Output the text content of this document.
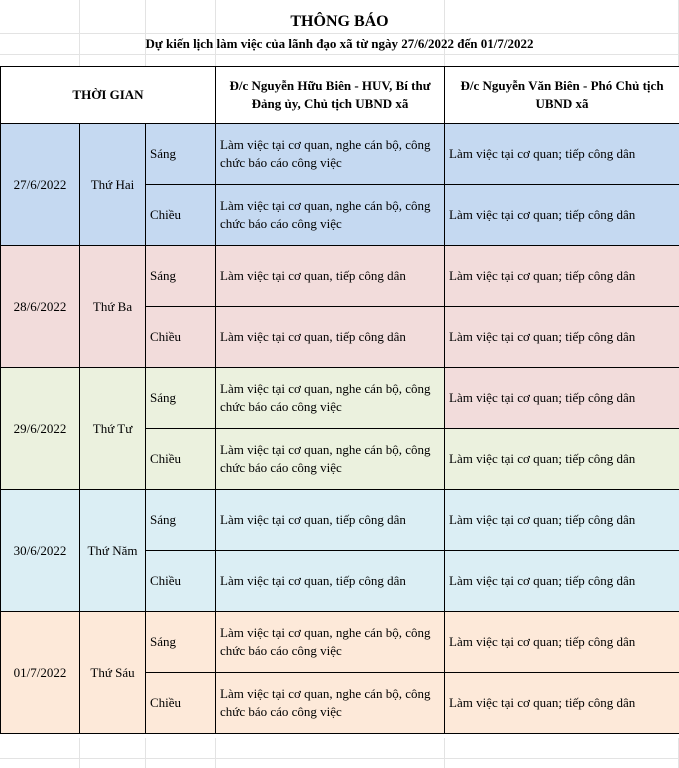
THÔNG BÁO
Dự kiến lịch làm việc của lãnh đạo xã từ ngày 27/6/2022 đến 01/7/2022
THỜI GIAN			Đ/c Nguyễn Hữu Biên - HUV, Bí thư Đảng ủy, Chủ tịch UBND xã	Đ/c Nguyễn Văn Biên - Phó Chủ tịch UBND xã
27/6/2022	Thứ Hai	Sáng	Làm việc tại cơ quan, nghe cán bộ, công chức báo cáo công việc	Làm việc tại cơ quan; tiếp công dân
		Chiều	Làm việc tại cơ quan, nghe cán bộ, công chức báo cáo công việc	Làm việc tại cơ quan; tiếp công dân
28/6/2022	Thứ Ba	Sáng	Làm việc tại cơ quan, tiếp công dân	Làm việc tại cơ quan; tiếp công dân
		Chiều	Làm việc tại cơ quan, tiếp công dân	Làm việc tại cơ quan; tiếp công dân
29/6/2022	Thứ Tư	Sáng	Làm việc tại cơ quan, nghe cán bộ, công chức báo cáo công việc	Làm việc tại cơ quan; tiếp công dân
		Chiều	Làm việc tại cơ quan, nghe cán bộ, công chức báo cáo công việc	Làm việc tại cơ quan; tiếp công dân
30/6/2022	Thứ Năm	Sáng	Làm việc tại cơ quan, tiếp công dân	Làm việc tại cơ quan; tiếp công dân
		Chiều	Làm việc tại cơ quan, tiếp công dân	Làm việc tại cơ quan; tiếp công dân
01/7/2022	Thứ Sáu	Sáng	Làm việc tại cơ quan, nghe cán bộ, công chức báo cáo công việc	Làm việc tại cơ quan; tiếp công dân
		Chiều	Làm việc tại cơ quan, nghe cán bộ, công chức báo cáo công việc	Làm việc tại cơ quan; tiếp công dân
